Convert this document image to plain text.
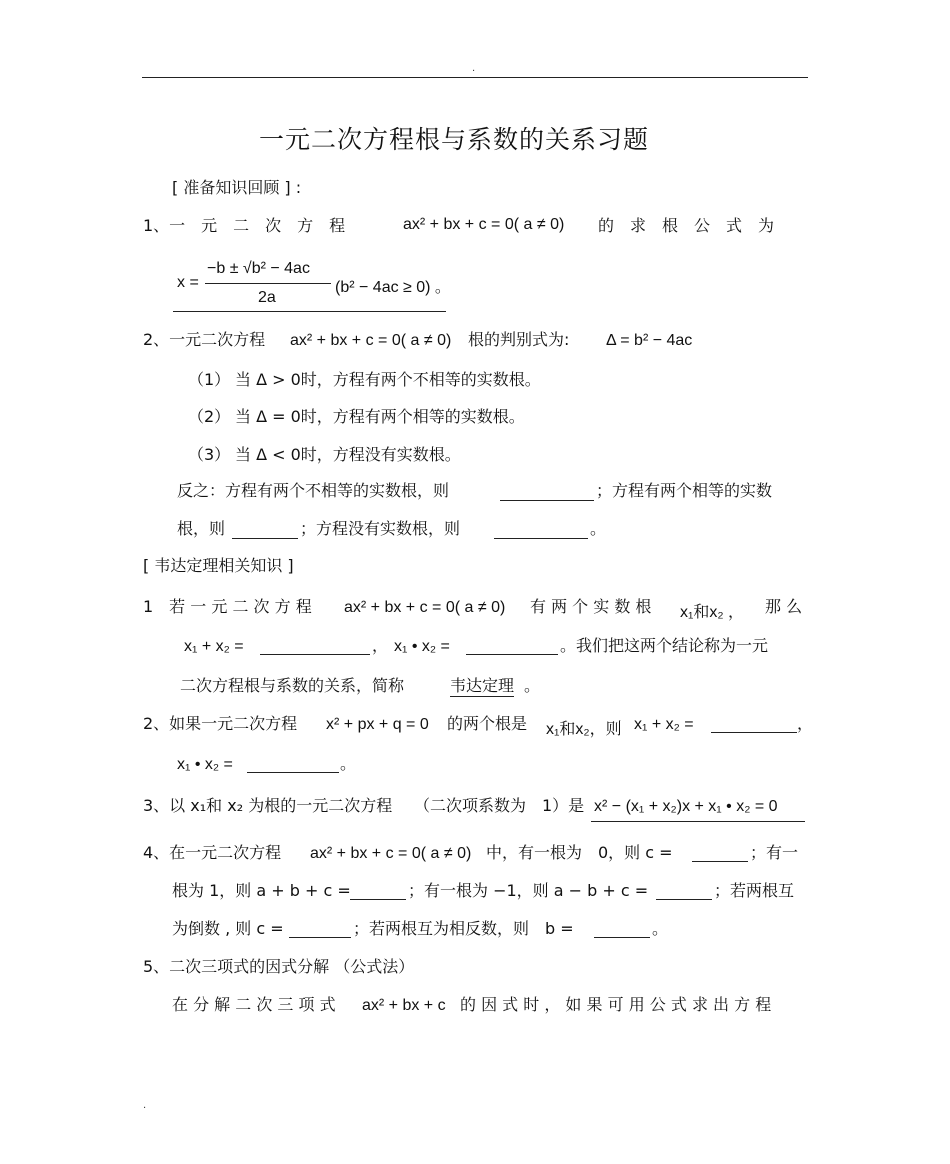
.
一元二次方程根与系数的关系习题
[ 准备知识回顾 ] :
1、一　元　二　次　方　程	ax² + bx + c = 0( a ≠ 0) 的　求　根　公　式　为
x =
−b ± √b² − 4ac
2a
(b² − 4ac ≥ 0) 。
2、一元二次方程 ax² + bx + c = 0( a ≠ 0) 根的判别式为: Δ = b² − 4ac
（1） 当 Δ > 0时，方程有两个不相等的实数根。
（2） 当 Δ = 0时，方程有两个相等的实数根。
（3） 当 Δ < 0时，方程没有实数根。
反之：方程有两个不相等的实数根，则	；方程有两个相等的实数
根，则	；方程没有实数根，则	。
[ 韦达定理相关知识 ]
1　若 一 元 二 次 方 程 ax² + bx + c = 0( a ≠ 0) 有 两 个 实 数 根 x₁和x₂ ， 那 么
x₁ + x₂ =	， x₁ • x₂ =	。我们把这两个结论称为一元
二次方程根与系数的关系，简称	韦达定理 。
2、如果一元二次方程 x² + px + q = 0 的两个根是 x₁和x₂，则 x₁ + x₂ =	，
x₁ • x₂ =	。
3、以 x₁和 x₂ 为根的一元二次方程 （二次项系数为　1）是 x² − (x₁ + x₂)x + x₁ • x₂ = 0
4、在一元二次方程 ax² + bx + c = 0( a ≠ 0) 中，有一根为　0，则 c =	；有一
根为 1，则 a + b + c =	；有一根为 −1，则 a − b + c =	；若两根互
为倒数 , 则 c =	；若两根互为相反数，则　b =	。
5、二次三项式的因式分解 （公式法）
在 分 解 二 次 三 项 式 ax² + bx + c 的 因 式 时 ， 如 果 可 用 公 式 求 出 方 程
.
